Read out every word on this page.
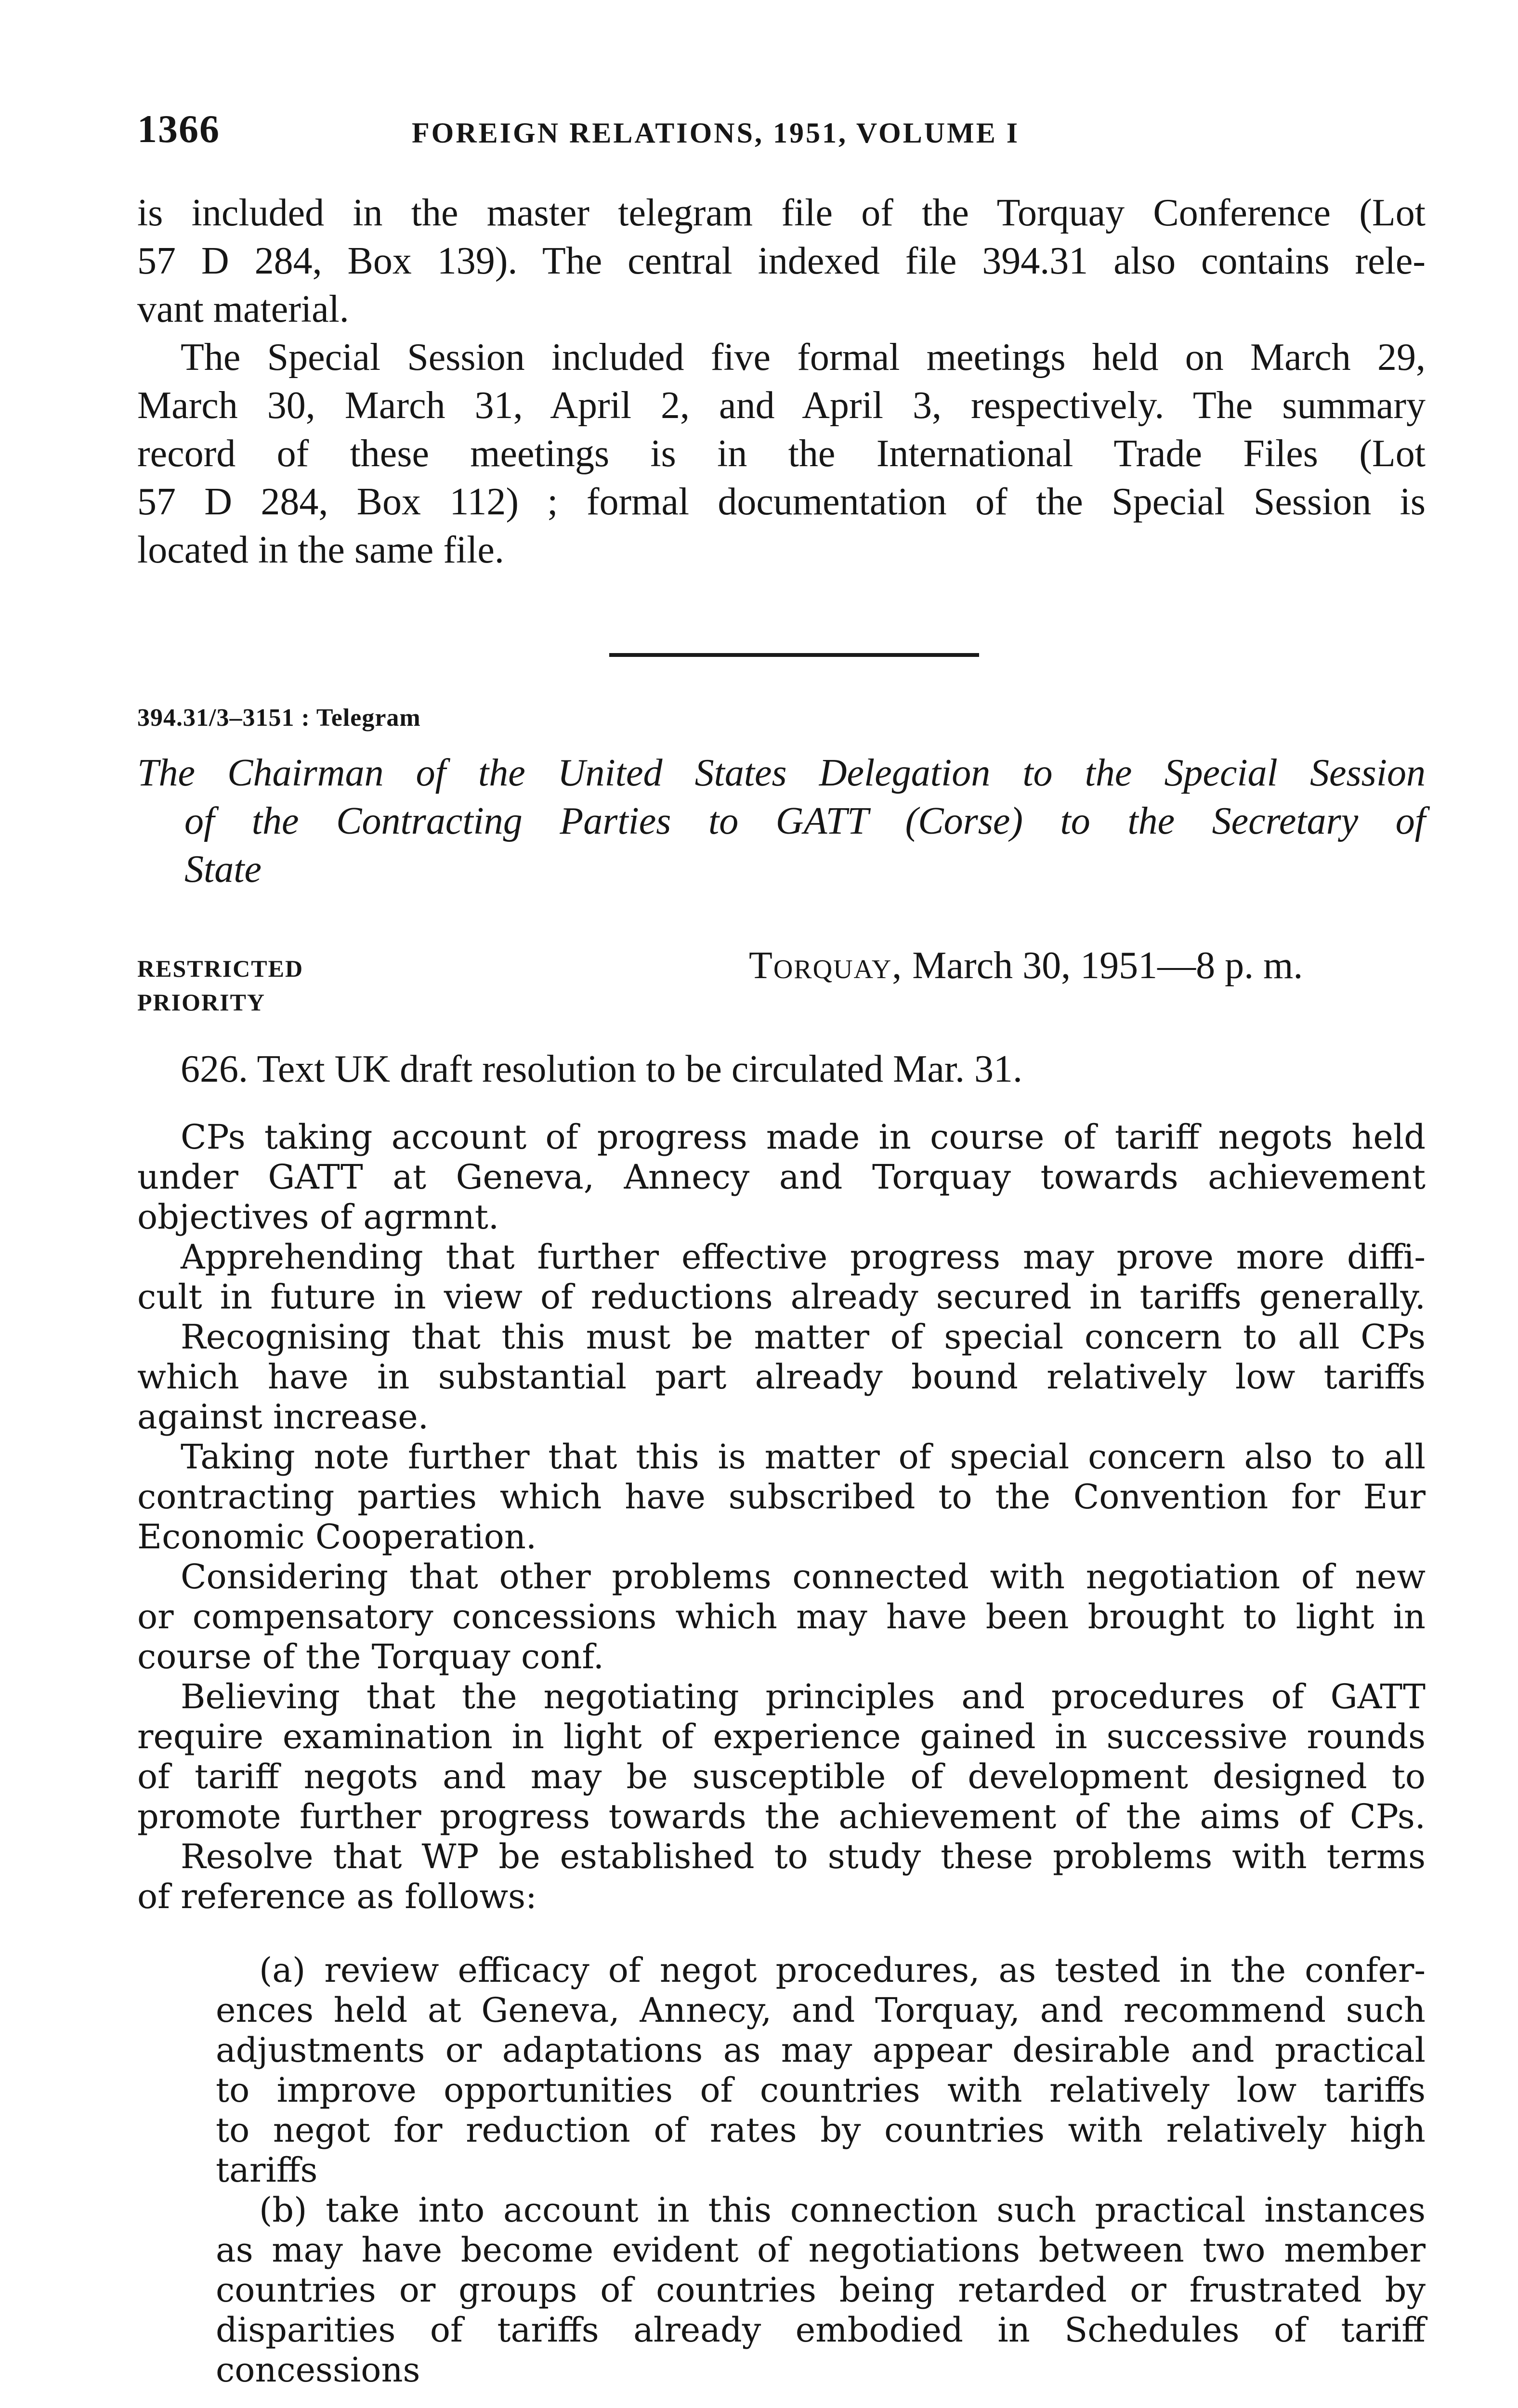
1366	FOREIGN RELATIONS, 1951, VOLUME I
is included in the master telegram file of the Torquay Conference (Lot
57 D 284, Box 139). The central indexed file 394.31 also contains rele-
vant material.
The Special Session included five formal meetings held on March 29,
March 30, March 31, April 2, and April 3, respectively. The summary
record of these meetings is in the International Trade Files (Lot
57 D 284, Box 112) ; formal documentation of the Special Session is
located in the same file.
394.31/3–3151 : Telegram
The Chairman of the United States Delegation to the Special Session
of the Contracting Parties to GATT (Corse) to the Secretary of
State
RESTRICTED
PRIORITY
Torquay, March 30, 1951—8 p. m.
626. Text UK draft resolution to be circulated Mar. 31.
CPs taking account of progress made in course of tariff negots held
under GATT at Geneva, Annecy and Torquay towards achievement
objectives of agrmnt.
Apprehending that further effective progress may prove more diffi-
cult in future in view of reductions already secured in tariffs generally.
Recognising that this must be matter of special concern to all CPs
which have in substantial part already bound relatively low tariffs
against increase.
Taking note further that this is matter of special concern also to all
contracting parties which have subscribed to the Convention for Eur
Economic Cooperation.
Considering that other problems connected with negotiation of new
or compensatory concessions which may have been brought to light in
course of the Torquay conf.
Believing that the negotiating principles and procedures of GATT
require examination in light of experience gained in successive rounds
of tariff negots and may be susceptible of development designed to
promote further progress towards the achievement of the aims of CPs.
Resolve that WP be established to study these problems with terms
of reference as follows:
(a) review efficacy of negot procedures, as tested in the confer-
ences held at Geneva, Annecy, and Torquay, and recommend such
adjustments or adaptations as may appear desirable and practical
to improve opportunities of countries with relatively low tariffs
to negot for reduction of rates by countries with relatively high
tariffs
(b) take into account in this connection such practical instances
as may have become evident of negotiations between two member
countries or groups of countries being retarded or frustrated by
disparities of tariffs already embodied in Schedules of tariff
concessions
